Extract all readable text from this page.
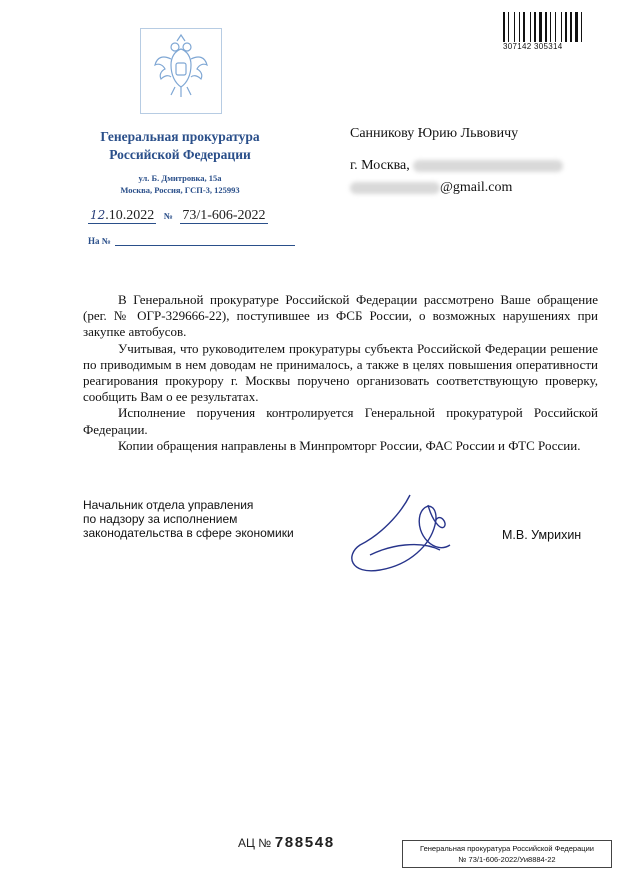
307142 305314
Генеральная прокуратура
Российской Федерации
ул. Б. Дмитровка, 15а
Москва, Россия, ГСП-3, 125993
12.10.2022 № 73/1-606-2022
На №
Санникову Юрию Львовичу
г. Москва,
@gmail.com

В Генеральной прокуратуре Российской Федерации рассмотрено Ваше обращение (рег. № ОГР-329666-22), поступившее из ФСБ России, о возможных нарушениях при закупке автобусов.

Учитывая, что руководителем прокуратуры субъекта Российской Федерации решение по приводимым в нем доводам не принималось, а также в целях повышения оперативности реагирования прокурору г. Москвы поручено организовать соответствующую проверку, сообщить Вам о ее результатах.

Исполнение поручения контролируется Генеральной прокуратурой Российской Федерации.

Копии обращения направлены в Минпромторг России, ФАС России и ФТС России.

Начальник отдела управления
по надзору за исполнением
законодательства в сфере экономики	М.В. Умрихин
АЦ № 788548	Генеральная прокуратура Российской Федерации
№ 73/1-606-2022/Уи8884-22
